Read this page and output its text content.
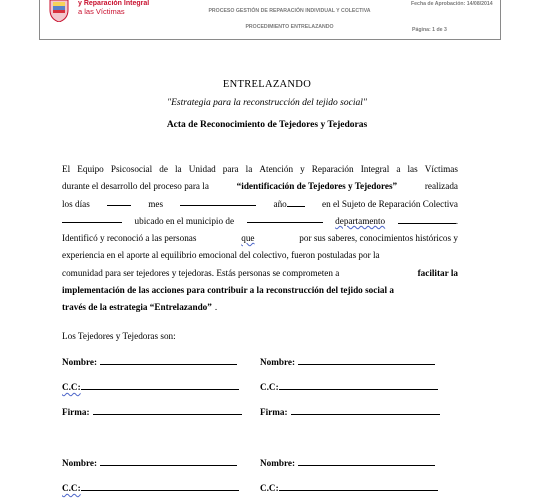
y Reparación Integral
a las Víctimas	PROCESO GESTIÓN DE REPARACIÓN INDIVIDUAL Y COLECTIVA
PROCEDIMIENTO ENTRELAZANDO
Fecha de Aprobación: 14/08/2014
Página: 1 de 3
ENTRELAZANDO
"Estrategia para la reconstrucción del tejido social"
Acta de Reconocimiento de Tejedores y Tejedoras
El Equipo Psicosocial de la Unidad para la Atención y Reparación Integral a las Víctimas
durante el desarrollo del proceso para la	“identificación de Tejedores y Tejedores”	realizada
los días	mes	año	en el Sujeto de Reparación Colectiva
ubicado en el municipio de	departamento	.
Identificó y reconoció a las personas	que	por sus saberes, conocimientos históricos y
experiencia en el aporte al equilibrio emocional del colectivo, fueron postuladas por la
comunidad para ser tejedores y tejedoras. Estás personas se comprometen a	facilitar la
implementación de las acciones para contribuir a la reconstrucción del tejido social a
través de la estrategia “Entrelazando” .
Los Tejedores y Tejedoras son:
Nombre:	Nombre:
C.C:	C.C:
Firma:	Firma:
Nombre:	Nombre:
C.C:	C.C:
